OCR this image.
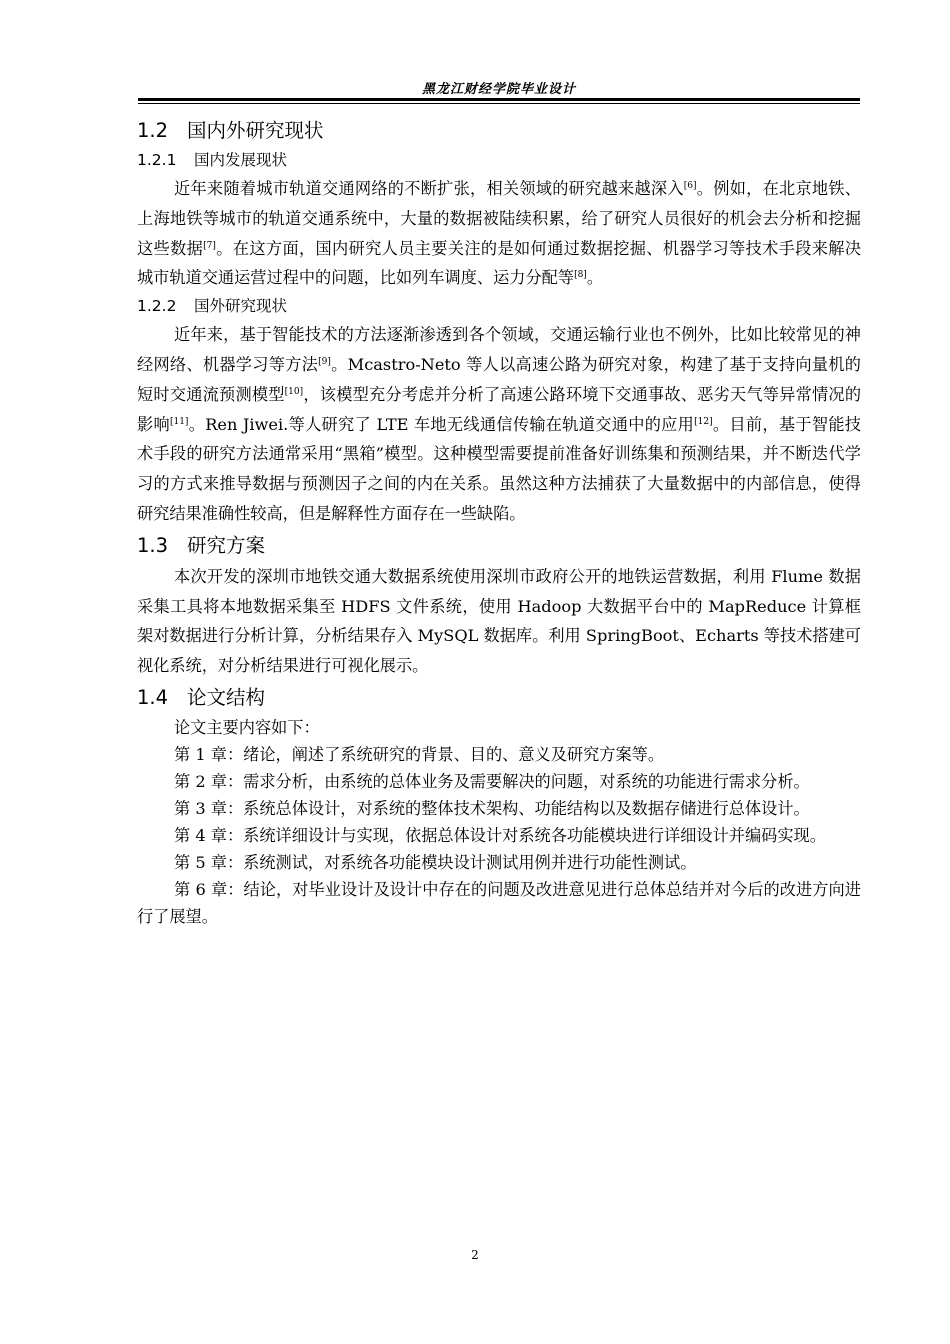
黑龙江财经学院毕业设计
1.2 国内外研究现状
1.2.1 国内发展现状

近年来随着城市轨道交通网络的不断扩张，相关领域的研究越来越深入[6]。例如，在北京地铁、上海地铁等城市的轨道交通系统中，大量的数据被陆续积累，给了研究人员很好的机会去分析和挖掘这些数据[7]。在这方面，国内研究人员主要关注的是如何通过数据挖掘、机器学习等技术手段来解决城市轨道交通运营过程中的问题，比如列车调度、运力分配等[8]。

1.2.2 国外研究现状

近年来，基于智能技术的方法逐渐渗透到各个领域，交通运输行业也不例外，比如比较常见的神经网络、机器学习等方法[9]。Mcastro-Neto 等人以高速公路为研究对象，构建了基于支持向量机的短时交通流预测模型[10]，该模型充分考虑并分析了高速公路环境下交通事故、恶劣天气等异常情况的影响[11]。Ren Jiwei.等人研究了 LTE 车地无线通信传输在轨道交通中的应用[12]。目前，基于智能技术手段的研究方法通常采用“黑箱”模型。这种模型需要提前准备好训练集和预测结果，并不断迭代学习的方式来推导数据与预测因子之间的内在关系。虽然这种方法捕获了大量数据中的内部信息，使得研究结果准确性较高，但是解释性方面存在一些缺陷。

1.3 研究方案

本次开发的深圳市地铁交通大数据系统使用深圳市政府公开的地铁运营数据，利用 Flume 数据采集工具将本地数据采集至 HDFS 文件系统，使用 Hadoop 大数据平台中的 MapReduce 计算框架对数据进行分析计算，分析结果存入 MySQL 数据库。利用 SpringBoot、Echarts 等技术搭建可视化系统，对分析结果进行可视化展示。

1.4 论文结构

论文主要内容如下：

第 1 章：绪论，阐述了系统研究的背景、目的、意义及研究方案等。

第 2 章：需求分析，由系统的总体业务及需要解决的问题，对系统的功能进行需求分析。

第 3 章：系统总体设计，对系统的整体技术架构、功能结构以及数据存储进行总体设计。

第 4 章：系统详细设计与实现，依据总体设计对系统各功能模块进行详细设计并编码实现。

第 5 章：系统测试，对系统各功能模块设计测试用例并进行功能性测试。

第 6 章：结论，对毕业设计及设计中存在的问题及改进意见进行总体总结并对今后的改进方向进行了展望。

2
